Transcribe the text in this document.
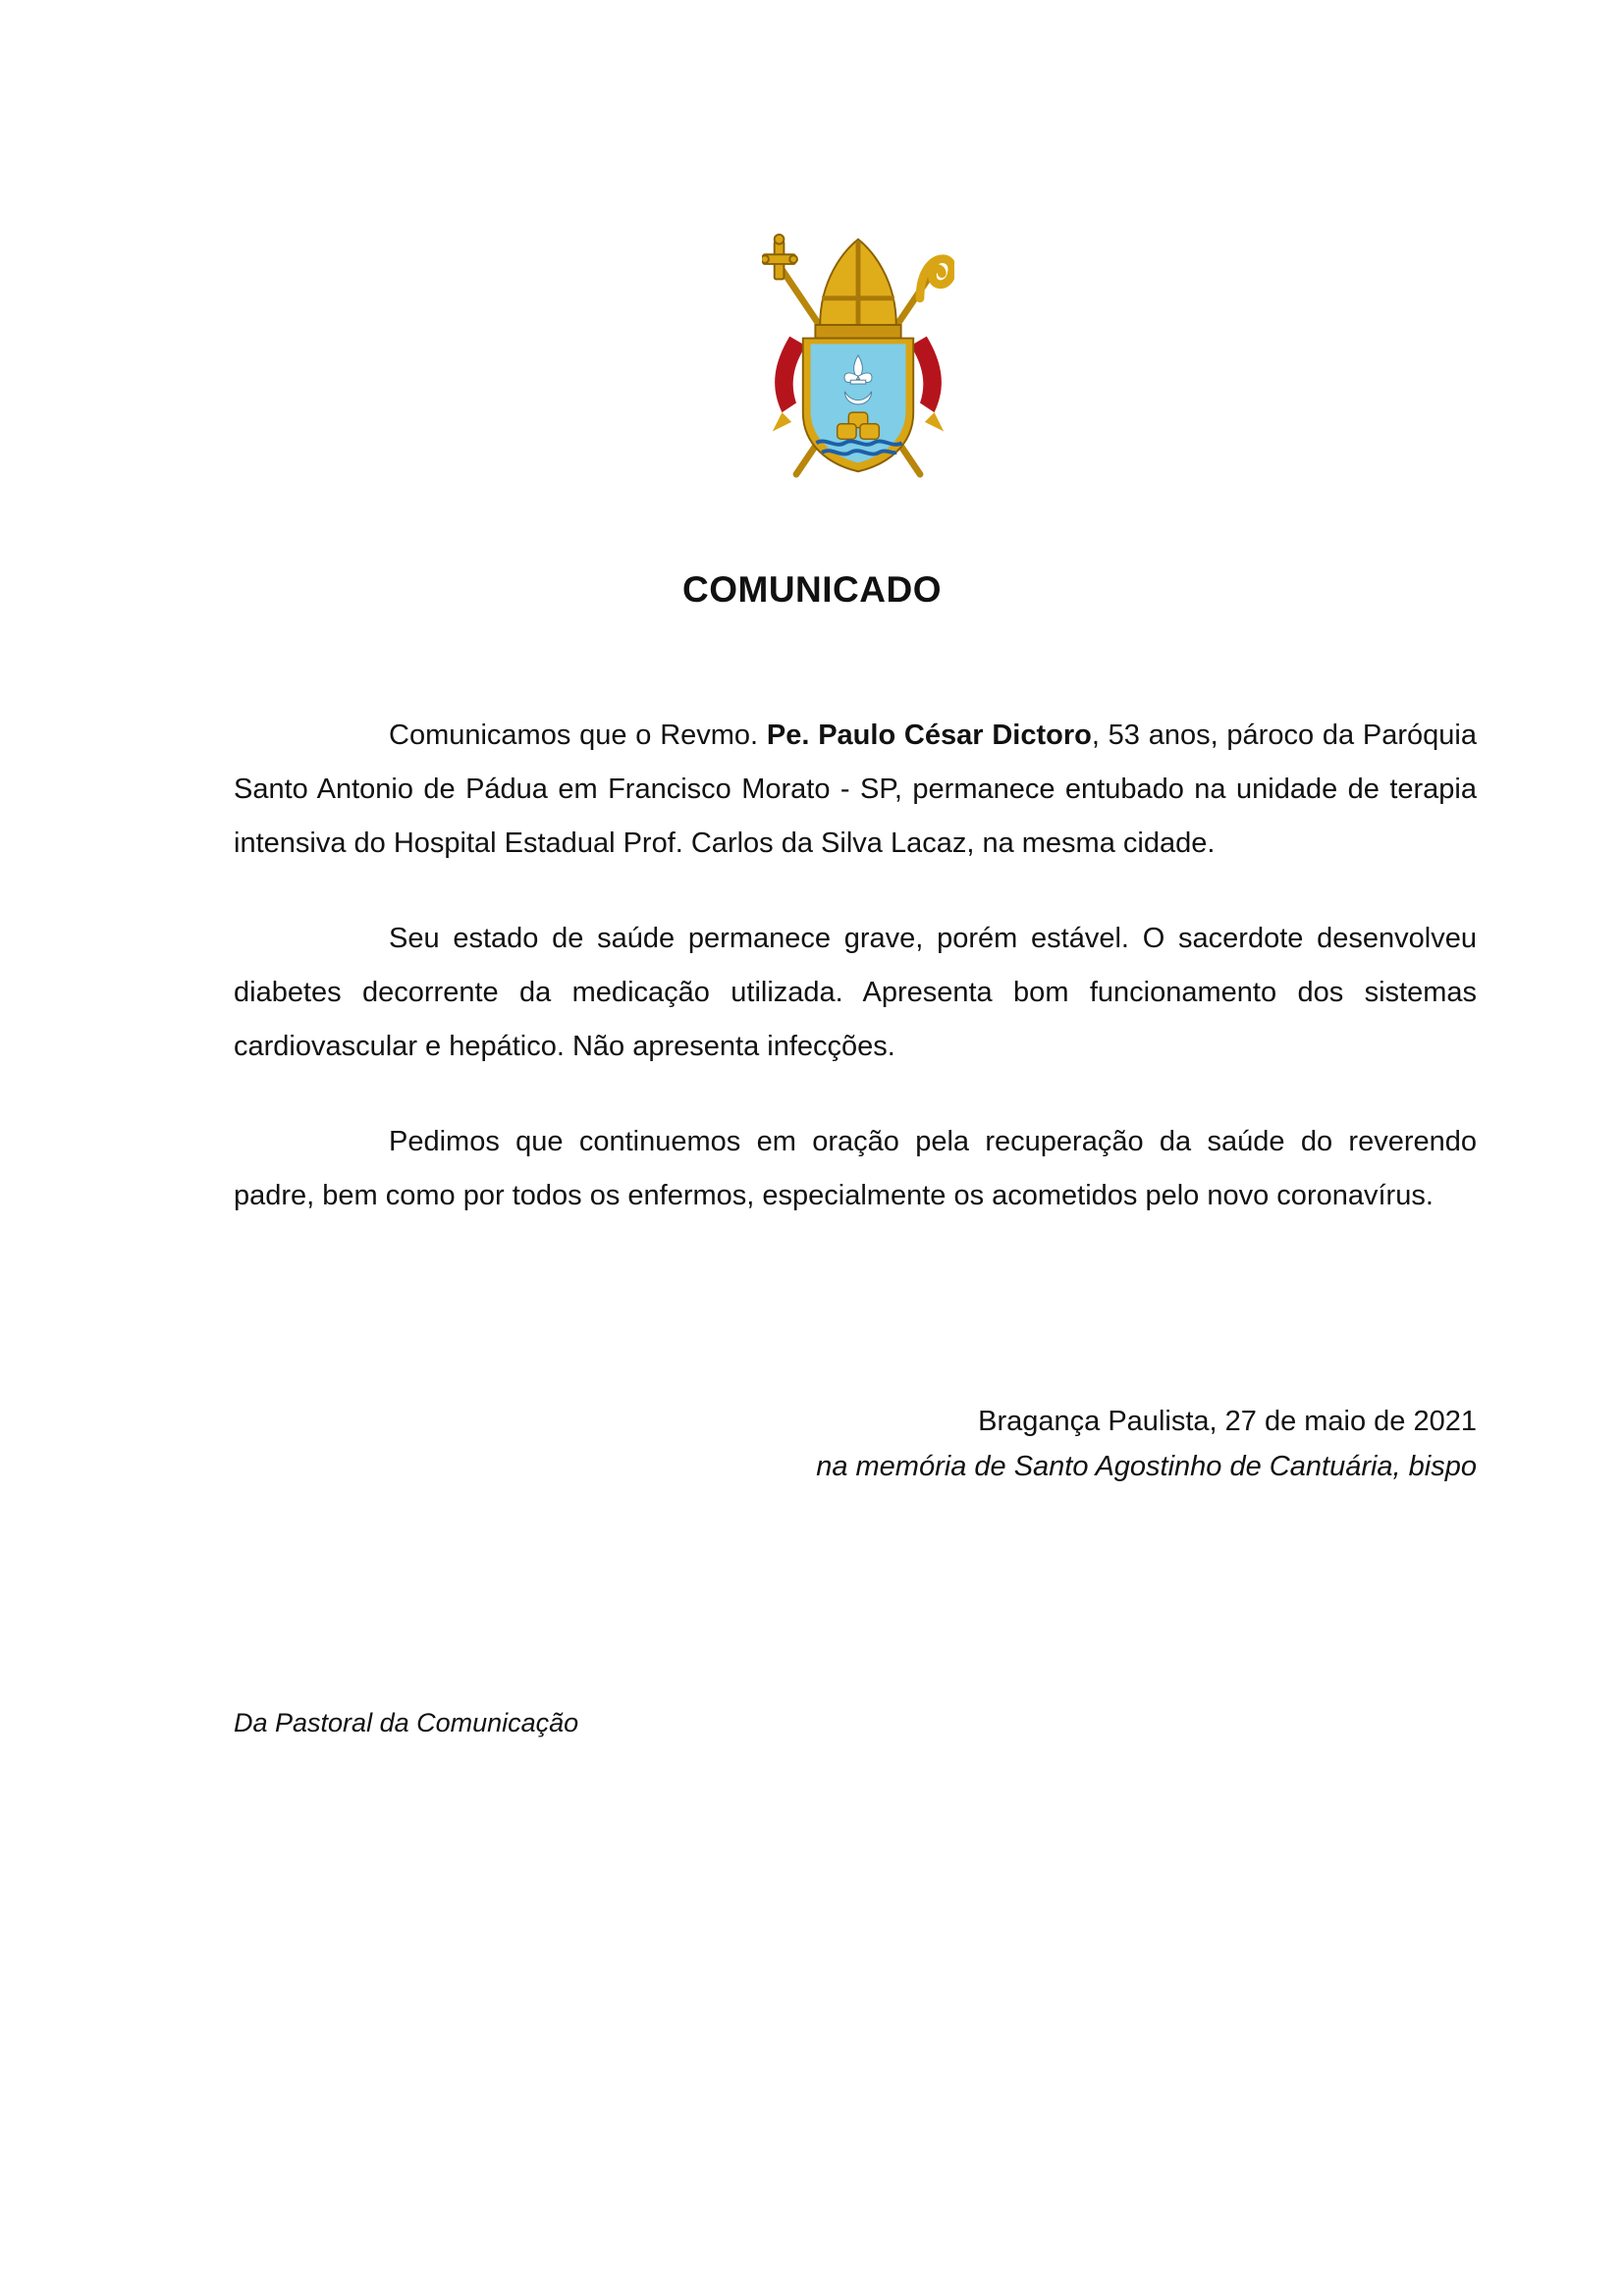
COMUNICADO

Comunicamos que o Revmo. Pe. Paulo César Dictoro, 53 anos, pároco da Paróquia Santo Antonio de Pádua em Francisco Morato - SP, permanece entubado na unidade de terapia intensiva do Hospital Estadual Prof. Carlos da Silva Lacaz, na mesma cidade.

Seu estado de saúde permanece grave, porém estável. O sacerdote desenvolveu diabetes decorrente da medicação utilizada. Apresenta bom funcionamento dos sistemas cardiovascular e hepático. Não apresenta infecções.

Pedimos que continuemos em oração pela recuperação da saúde do reverendo padre, bem como por todos os enfermos, especialmente os acometidos pelo novo coronavírus.

Bragança Paulista, 27 de maio de 2021
na memória de Santo Agostinho de Cantuária, bispo
Da Pastoral da Comunicação
